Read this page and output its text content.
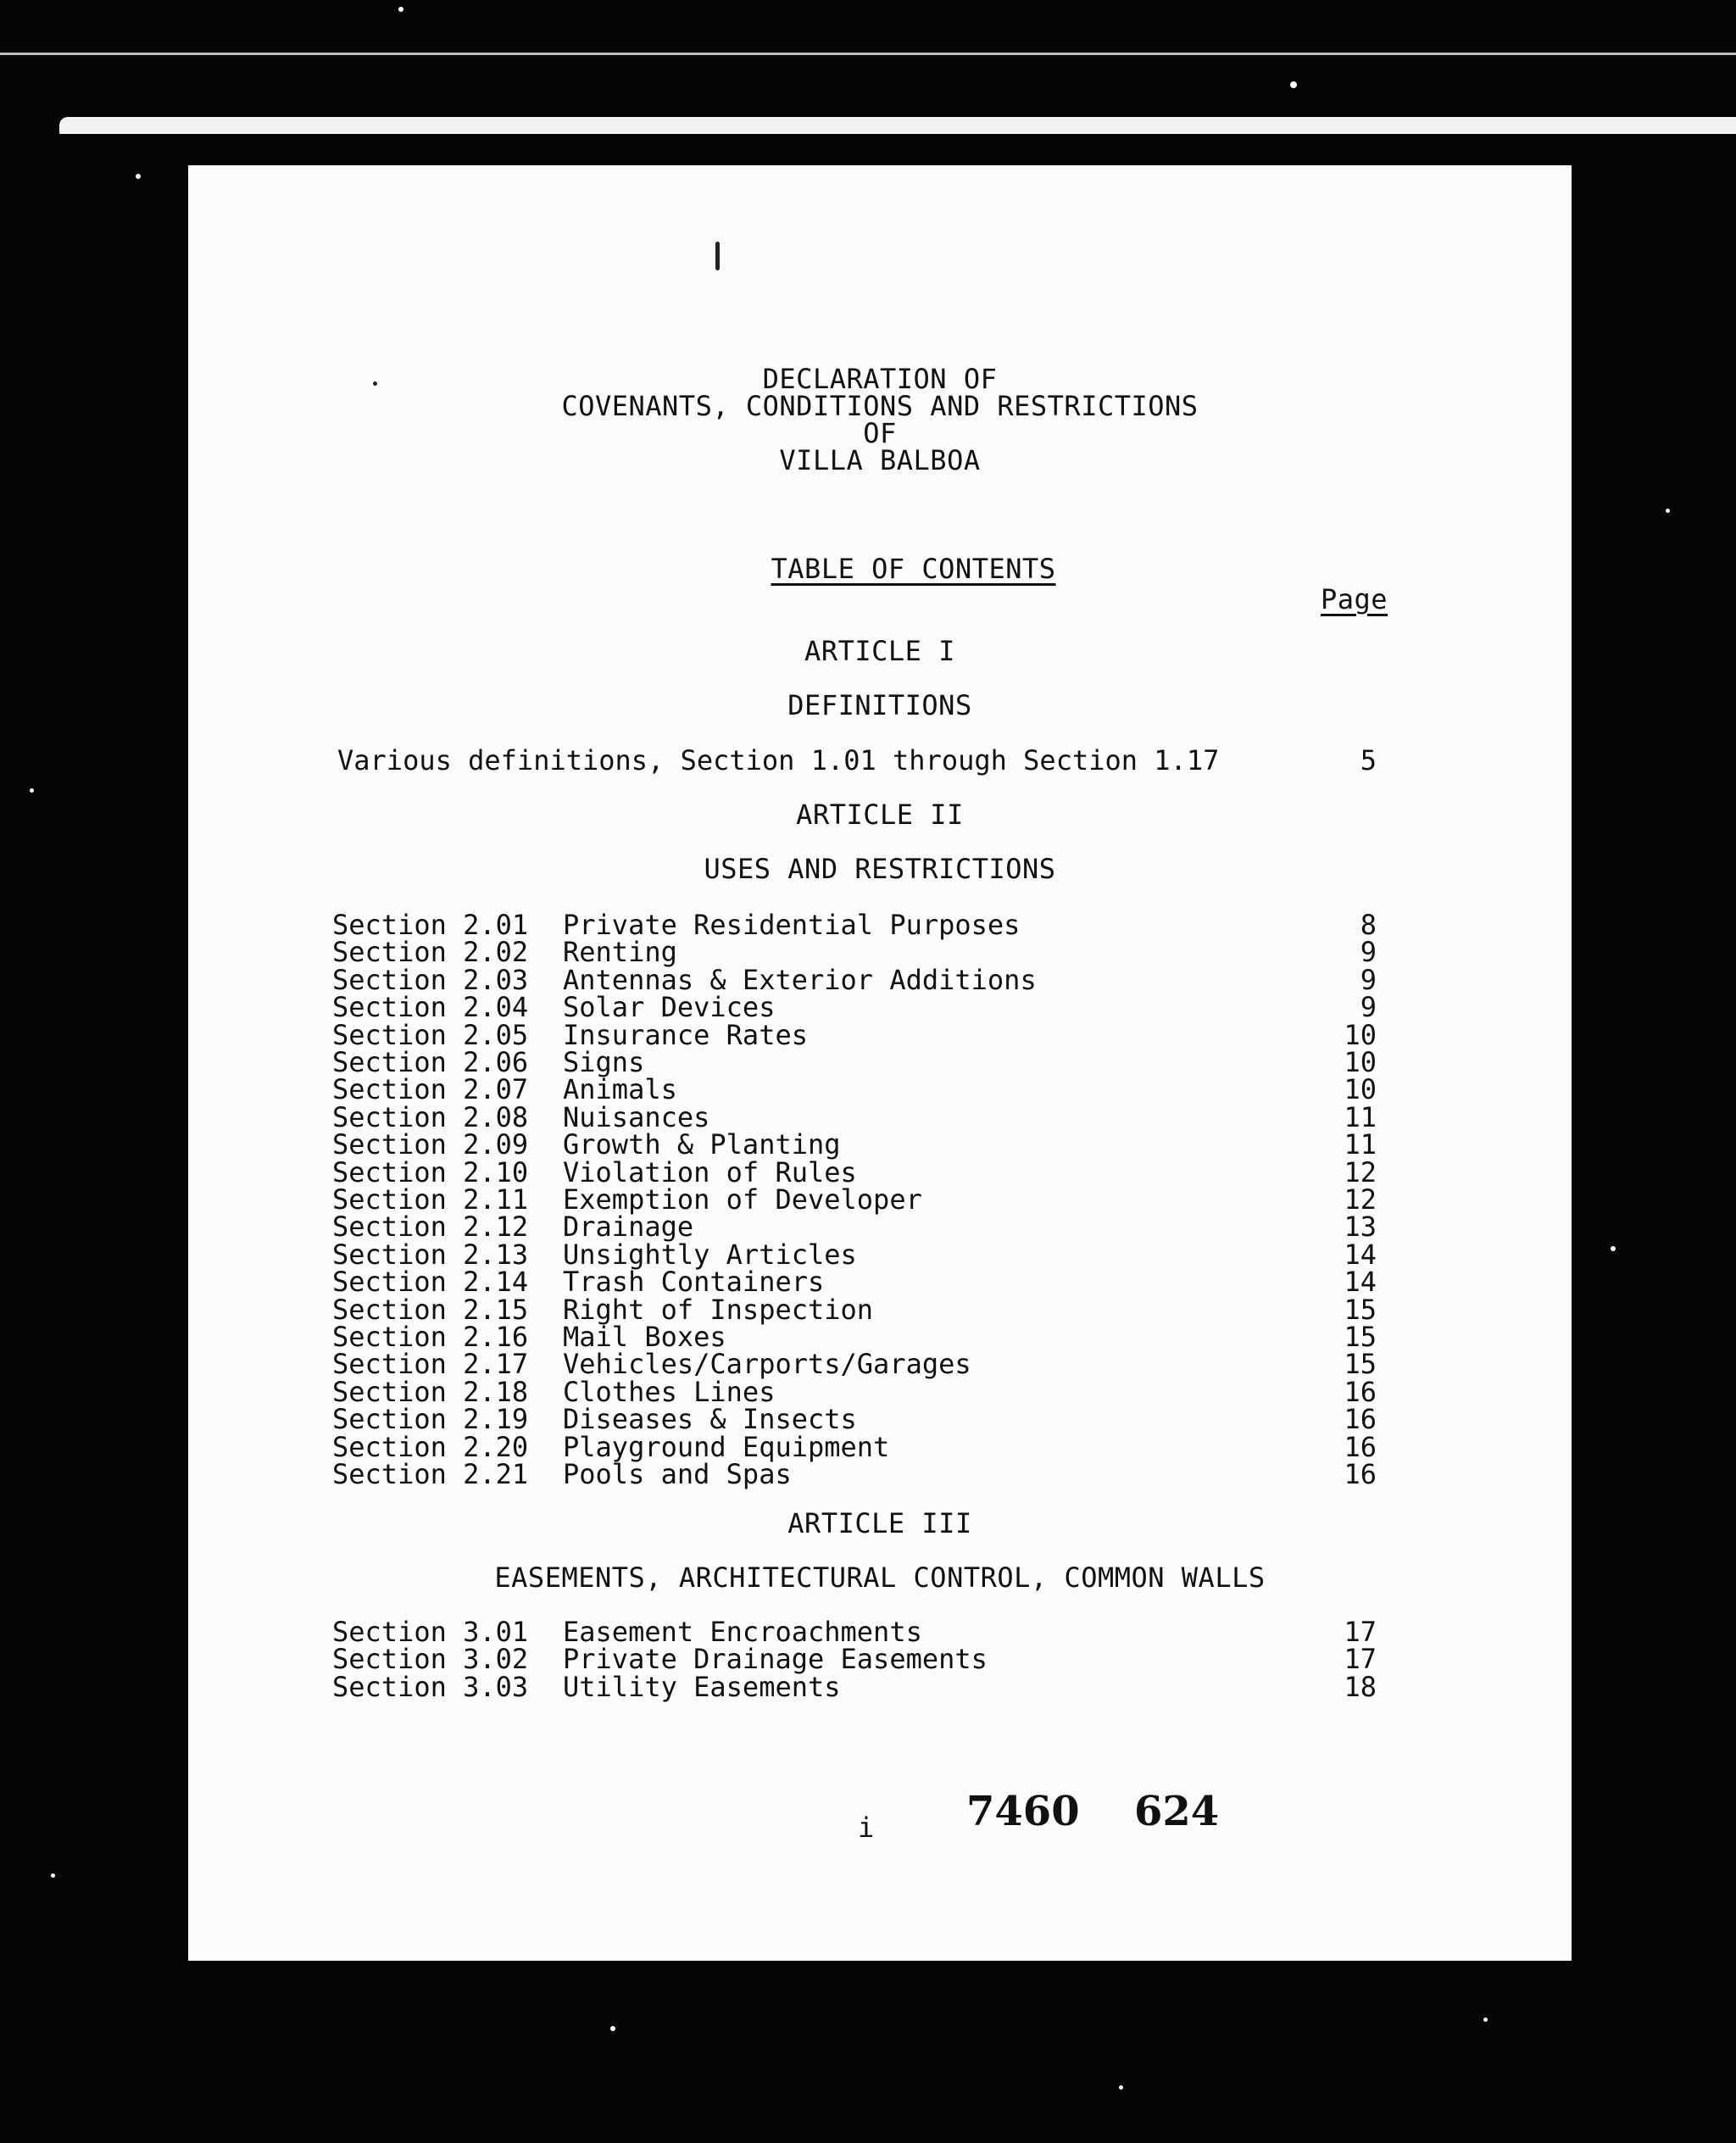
DECLARATION OF
COVENANTS, CONDITIONS AND RESTRICTIONS
OF
VILLA BALBOA

TABLE OF CONTENTS

Page
ARTICLE I
DEFINITIONS
Various definitions, Section 1.01 through Section 1.17	5
ARTICLE II
USES AND RESTRICTIONS
Section 2.01 Private Residential Purposes	8
Section 2.02 Renting	9
Section 2.03 Antennas & Exterior Additions	9
Section 2.04 Solar Devices	9
Section 2.05 Insurance Rates	10
Section 2.06 Signs	10
Section 2.07 Animals	10
Section 2.08 Nuisances	11
Section 2.09 Growth & Planting	11
Section 2.10 Violation of Rules	12
Section 2.11 Exemption of Developer	12
Section 2.12 Drainage	13
Section 2.13 Unsightly Articles	14
Section 2.14 Trash Containers	14
Section 2.15 Right of Inspection	15
Section 2.16 Mail Boxes	15
Section 2.17 Vehicles/Carports/Garages	15
Section 2.18 Clothes Lines	16
Section 2.19 Diseases & Insects	16
Section 2.20 Playground Equipment	16
Section 2.21 Pools and Spas	16
ARTICLE III
EASEMENTS, ARCHITECTURAL CONTROL, COMMON WALLS
Section 3.01 Easement Encroachments	17
Section 3.02 Private Drainage Easements	17
Section 3.03 Utility Easements	18
i 7460 624
